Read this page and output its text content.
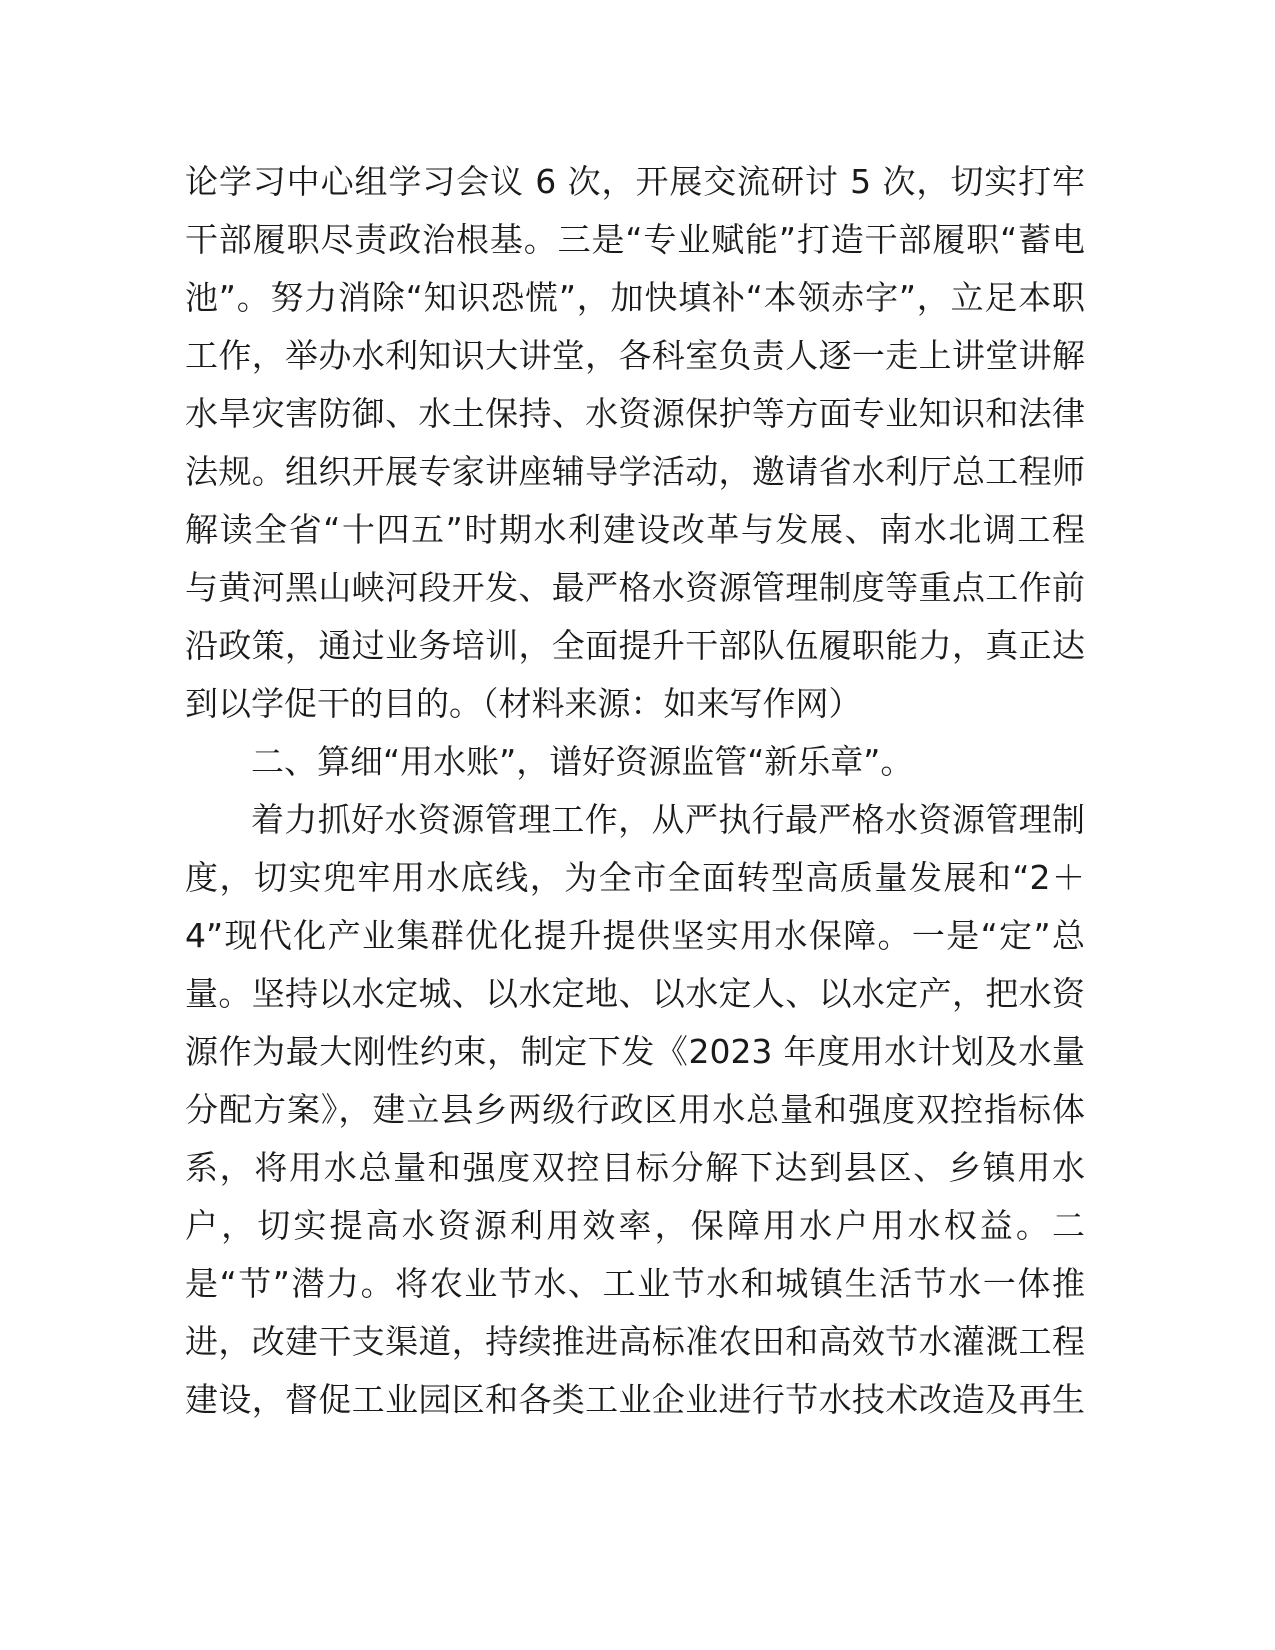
论学习中心组学习会议 6 次，开展交流研讨 5 次，切实打牢
干部履职尽责政治根基。三是“专业赋能”打造干部履职“蓄电
池”。努力消除“知识恐慌”，加快填补“本领赤字”，立足本职
工作，举办水利知识大讲堂，各科室负责人逐一走上讲堂讲解
水旱灾害防御、水土保持、水资源保护等方面专业知识和法律
法规。组织开展专家讲座辅导学活动，邀请省水利厅总工程师
解读全省“十四五”时期水利建设改革与发展、南水北调工程
与黄河黑山峡河段开发、最严格水资源管理制度等重点工作前
沿政策，通过业务培训，全面提升干部队伍履职能力，真正达
到以学促干的目的。（材料来源：如来写作网）
二、算细“用水账”，谱好资源监管“新乐章”。
着力抓好水资源管理工作，从严执行最严格水资源管理制
度，切实兜牢用水底线，为全市全面转型高质量发展和“2＋
4”现代化产业集群优化提升提供坚实用水保障。一是“定”总
量。坚持以水定城、以水定地、以水定人、以水定产，把水资
源作为最大刚性约束，制定下发《2023 年度用水计划及水量
分配方案》，建立县乡两级行政区用水总量和强度双控指标体
系，将用水总量和强度双控目标分解下达到县区、乡镇用水
户，切实提高水资源利用效率，保障用水户用水权益。二
是“节”潜力。将农业节水、工业节水和城镇生活节水一体推
进，改建干支渠道，持续推进高标准农田和高效节水灌溉工程
建设，督促工业园区和各类工业企业进行节水技术改造及再生
